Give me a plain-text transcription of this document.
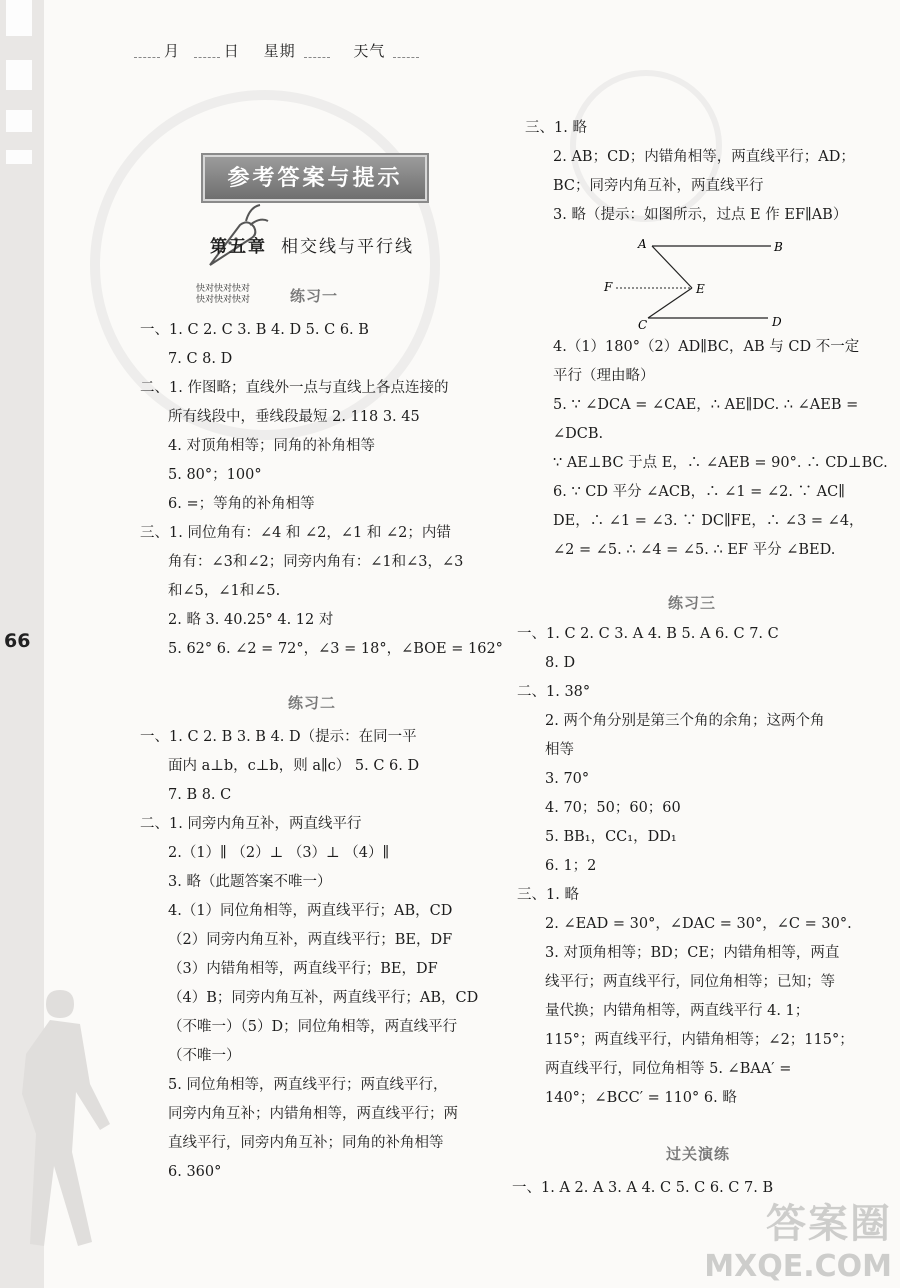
66
月	日 星期	天气
参考答案与提示
第五章 相交线与平行线
快对快对快对
快对快对快对	练习一

一、1. C 2. C 3. B 4. D 5. C 6. B

7. C 8. D

二、1. 作图略；直线外一点与直线上各点连接的

所有线段中，垂线段最短 2. 118 3. 45

4. 对顶角相等；同角的补角相等

5. 80°；100°

6. =；等角的补角相等

三、1. 同位角有：∠4 和 ∠2，∠1 和 ∠2；内错

角有：∠3和∠2；同旁内角有：∠1和∠3，∠3

和∠5，∠1和∠5.

2. 略 3. 40.25° 4. 12 对

5. 62° 6. ∠2 = 72°，∠3 = 18°，∠BOE = 162°

练习二

一、1. C 2. B 3. B 4. D（提示：在同一平

面内 a⊥b，c⊥b，则 a∥c） 5. C 6. D

7. B 8. C

二、1. 同旁内角互补，两直线平行

2.（1）∥ （2）⊥ （3）⊥ （4）∥

3. 略（此题答案不唯一）

4.（1）同位角相等，两直线平行；AB，CD

（2）同旁内角互补，两直线平行；BE，DF

（3）内错角相等，两直线平行；BE，DF

（4）B；同旁内角互补，两直线平行；AB，CD

（不唯一）（5）D；同位角相等，两直线平行

（不唯一）

5. 同位角相等，两直线平行；两直线平行，

同旁内角互补；内错角相等，两直线平行；两

直线平行，同旁内角互补；同角的补角相等

6. 360°

三、1. 略

2. AB；CD；内错角相等，两直线平行；AD；

BC；同旁内角互补，两直线平行

3. 略（提示：如图所示，过点 E 作 EF∥AB）

A	B
C	D
E
F

4.（1）180°（2）AD∥BC，AB 与 CD 不一定

平行（理由略）

5. ∵ ∠DCA = ∠CAE，∴ AE∥DC. ∴ ∠AEB =

∠DCB.

∵ AE⊥BC 于点 E，∴ ∠AEB = 90°. ∴ CD⊥BC.

6. ∵ CD 平分 ∠ACB，∴ ∠1 = ∠2. ∵ AC∥

DE，∴ ∠1 = ∠3. ∵ DC∥FE，∴ ∠3 = ∠4，

∠2 = ∠5. ∴ ∠4 = ∠5. ∴ EF 平分 ∠BED.

练习三

一、1. C 2. C 3. A 4. B 5. A 6. C 7. C

8. D

二、1. 38°

2. 两个角分别是第三个角的余角；这两个角

相等

3. 70°

4. 70；50；60；60

5. BB₁，CC₁，DD₁

6. 1；2

三、1. 略

2. ∠EAD = 30°，∠DAC = 30°，∠C = 30°.

3. 对顶角相等；BD；CE；内错角相等，两直

线平行；两直线平行，同位角相等；已知；等

量代换；内错角相等，两直线平行 4. 1；

115°；两直线平行，内错角相等；∠2；115°；

两直线平行，同位角相等 5. ∠BAA′ =

140°；∠BCC′ = 110° 6. 略

过关演练

一、1. A 2. A 3. A 4. C 5. C 6. C 7. B

答案圈
MXQE.COM
